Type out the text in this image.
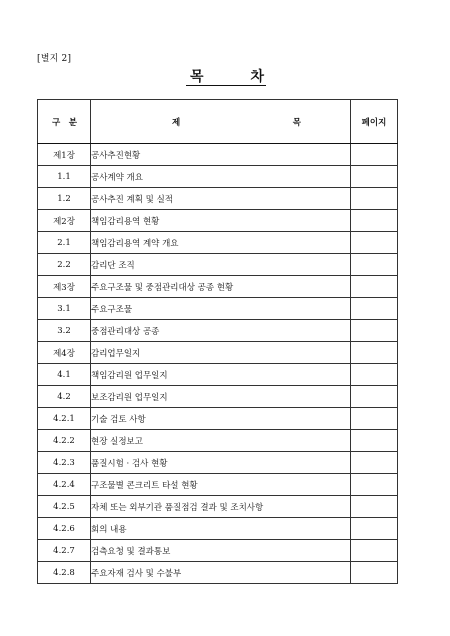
[별지 2]
목	차
구 분	제 목	페이지
제1장	공사추진현황	
1.1	공사계약 개요	
1.2	공사추진 계획 및 실적	
제2장	책임감리용역 현황	
2.1	책임감리용역 계약 개요	
2.2	감리단 조직	
제3장	주요구조물 및 중점관리대상 공종 현황	
3.1	주요구조물	
3.2	중점관리대상 공종	
제4장	감리업무일지	
4.1	책임감리원 업무일지	
4.2	보조감리원 업무일지	
4.2.1	기술 검토 사항	
4.2.2	현장 실정보고	
4.2.3	품질시험 · 검사 현황	
4.2.4	구조물별 콘크리트 타설 현황	
4.2.5	자체 또는 외부기관 품질점검 결과 및 조치사항	
4.2.6	회의 내용	
4.2.7	검측요청 및 결과통보	
4.2.8	주요자재 검사 및 수불부	
